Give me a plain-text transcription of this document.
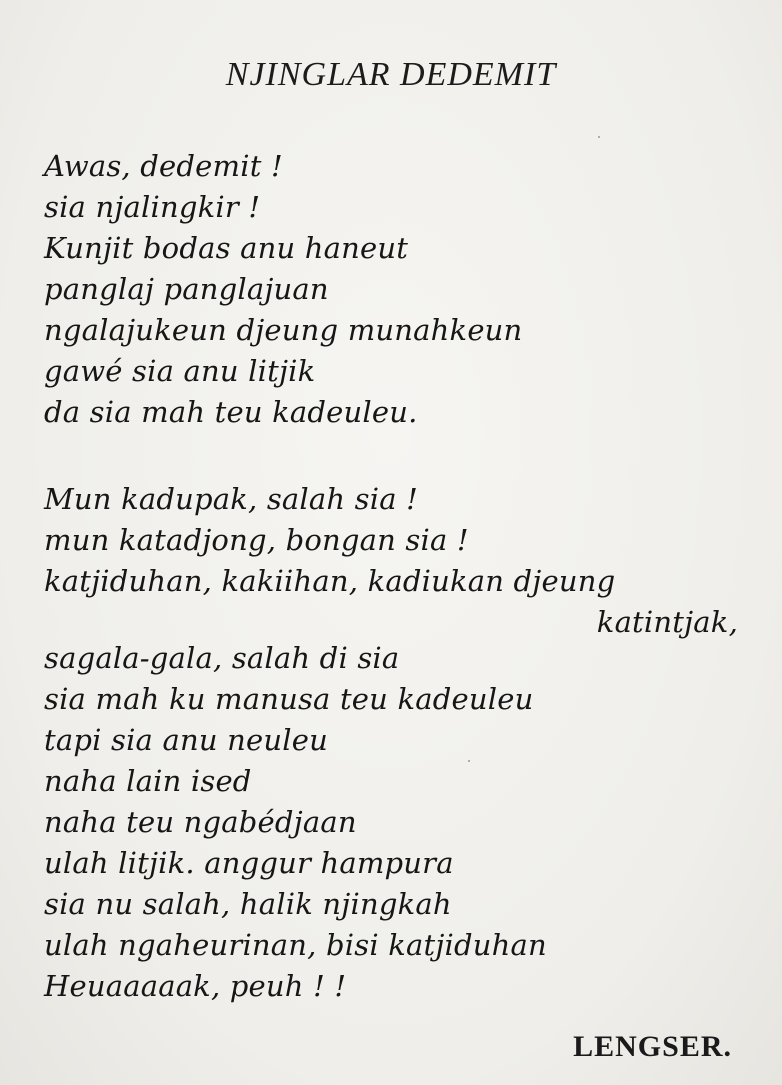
NJINGLAR DEDEMIT
Awas, dedemit !
sia njalingkir !
Kunjit bodas anu haneut
panglaj panglajuan
ngalajukeun djeung munahkeun
gawé sia anu litjik
da sia mah teu kadeuleu.
Mun kadupak, salah sia !
mun katadjong, bongan sia !
katjiduhan, kakiihan, kadiukan djeung
katintjak,
sagala-gala, salah di sia
sia mah ku manusa teu kadeuleu
tapi sia anu neuleu
naha lain ised
naha teu ngabédjaan
ulah litjik. anggur hampura
sia nu salah, halik njingkah
ulah ngaheurinan, bisi katjiduhan
Heuaaaaak, peuh ! !

LENGSER.
